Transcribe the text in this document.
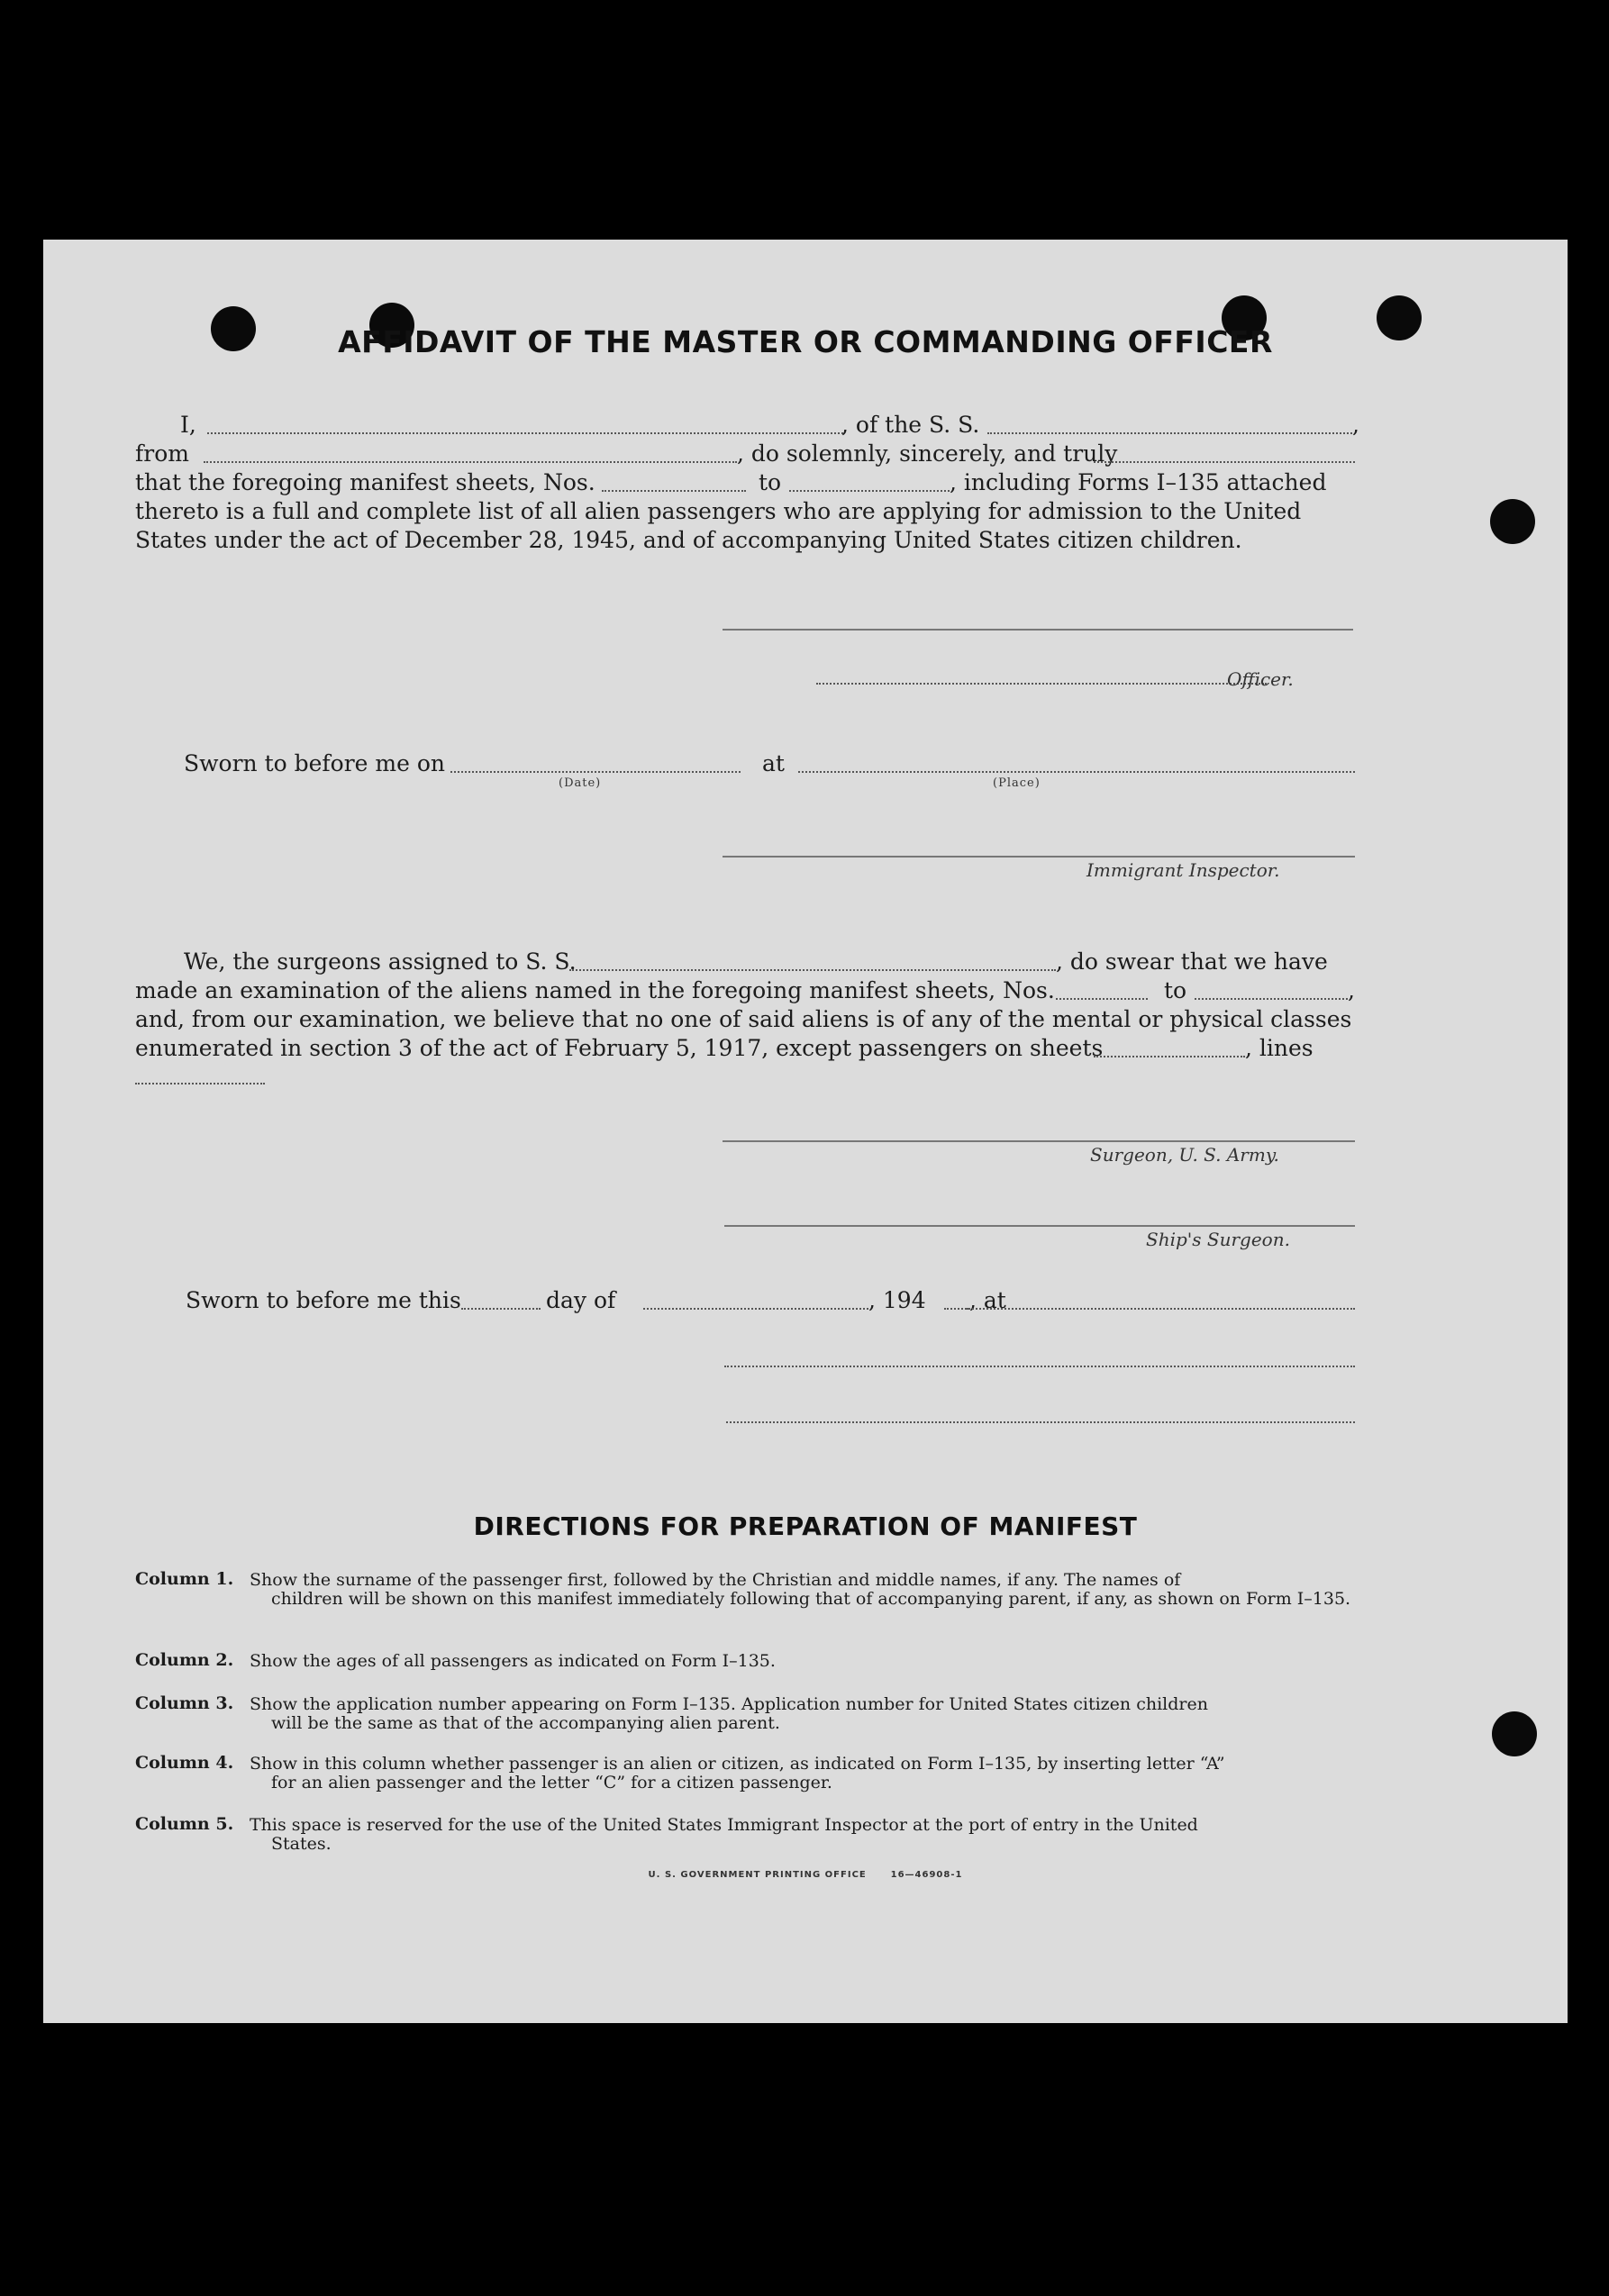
AFFIDAVIT OF THE MASTER OR COMMANDING OFFICER
I,	, of the S. S.	,
from	, do solemnly, sincerely, and truly
that the foregoing manifest sheets, Nos.	to	, including Forms I–135 attached
thereto is a full and complete list of all alien passengers who are applying for admission to the United
States under the act of December 28, 1945, and of accompanying United States citizen children.
Officer.
Sworn to before me on	at
(Date)	(Place)
Immigrant Inspector.
We, the surgeons assigned to S. S.	, do swear that we have
made an examination of the aliens named in the foregoing manifest sheets, Nos.	to	,
and, from our examination, we believe that no one of said aliens is of any of the mental or physical classes
enumerated in section 3 of the act of February 5, 1917, except passengers on sheets	, lines
Surgeon, U. S. Army.
Ship's Surgeon.
Sworn to before me this	day of	, 194 , at
DIRECTIONS FOR PREPARATION OF MANIFEST
Column 1. Show the surname of the passenger first, followed by the Christian and middle names, if any. The names of
children will be shown on this manifest immediately following that of accompanying parent, if any, as shown on Form I–135.
Column 2. Show the ages of all passengers as indicated on Form I–135.
Column 3. Show the application number appearing on Form I–135. Application number for United States citizen children
will be the same as that of the accompanying alien parent.
Column 4. Show in this column whether passenger is an alien or citizen, as indicated on Form I–135, by inserting letter “A”
for an alien passenger and the letter “C” for a citizen passenger.
Column 5. This space is reserved for the use of the United States Immigrant Inspector at the port of entry in the United
States.
U. S. GOVERNMENT PRINTING OFFICE      16—46908-1
